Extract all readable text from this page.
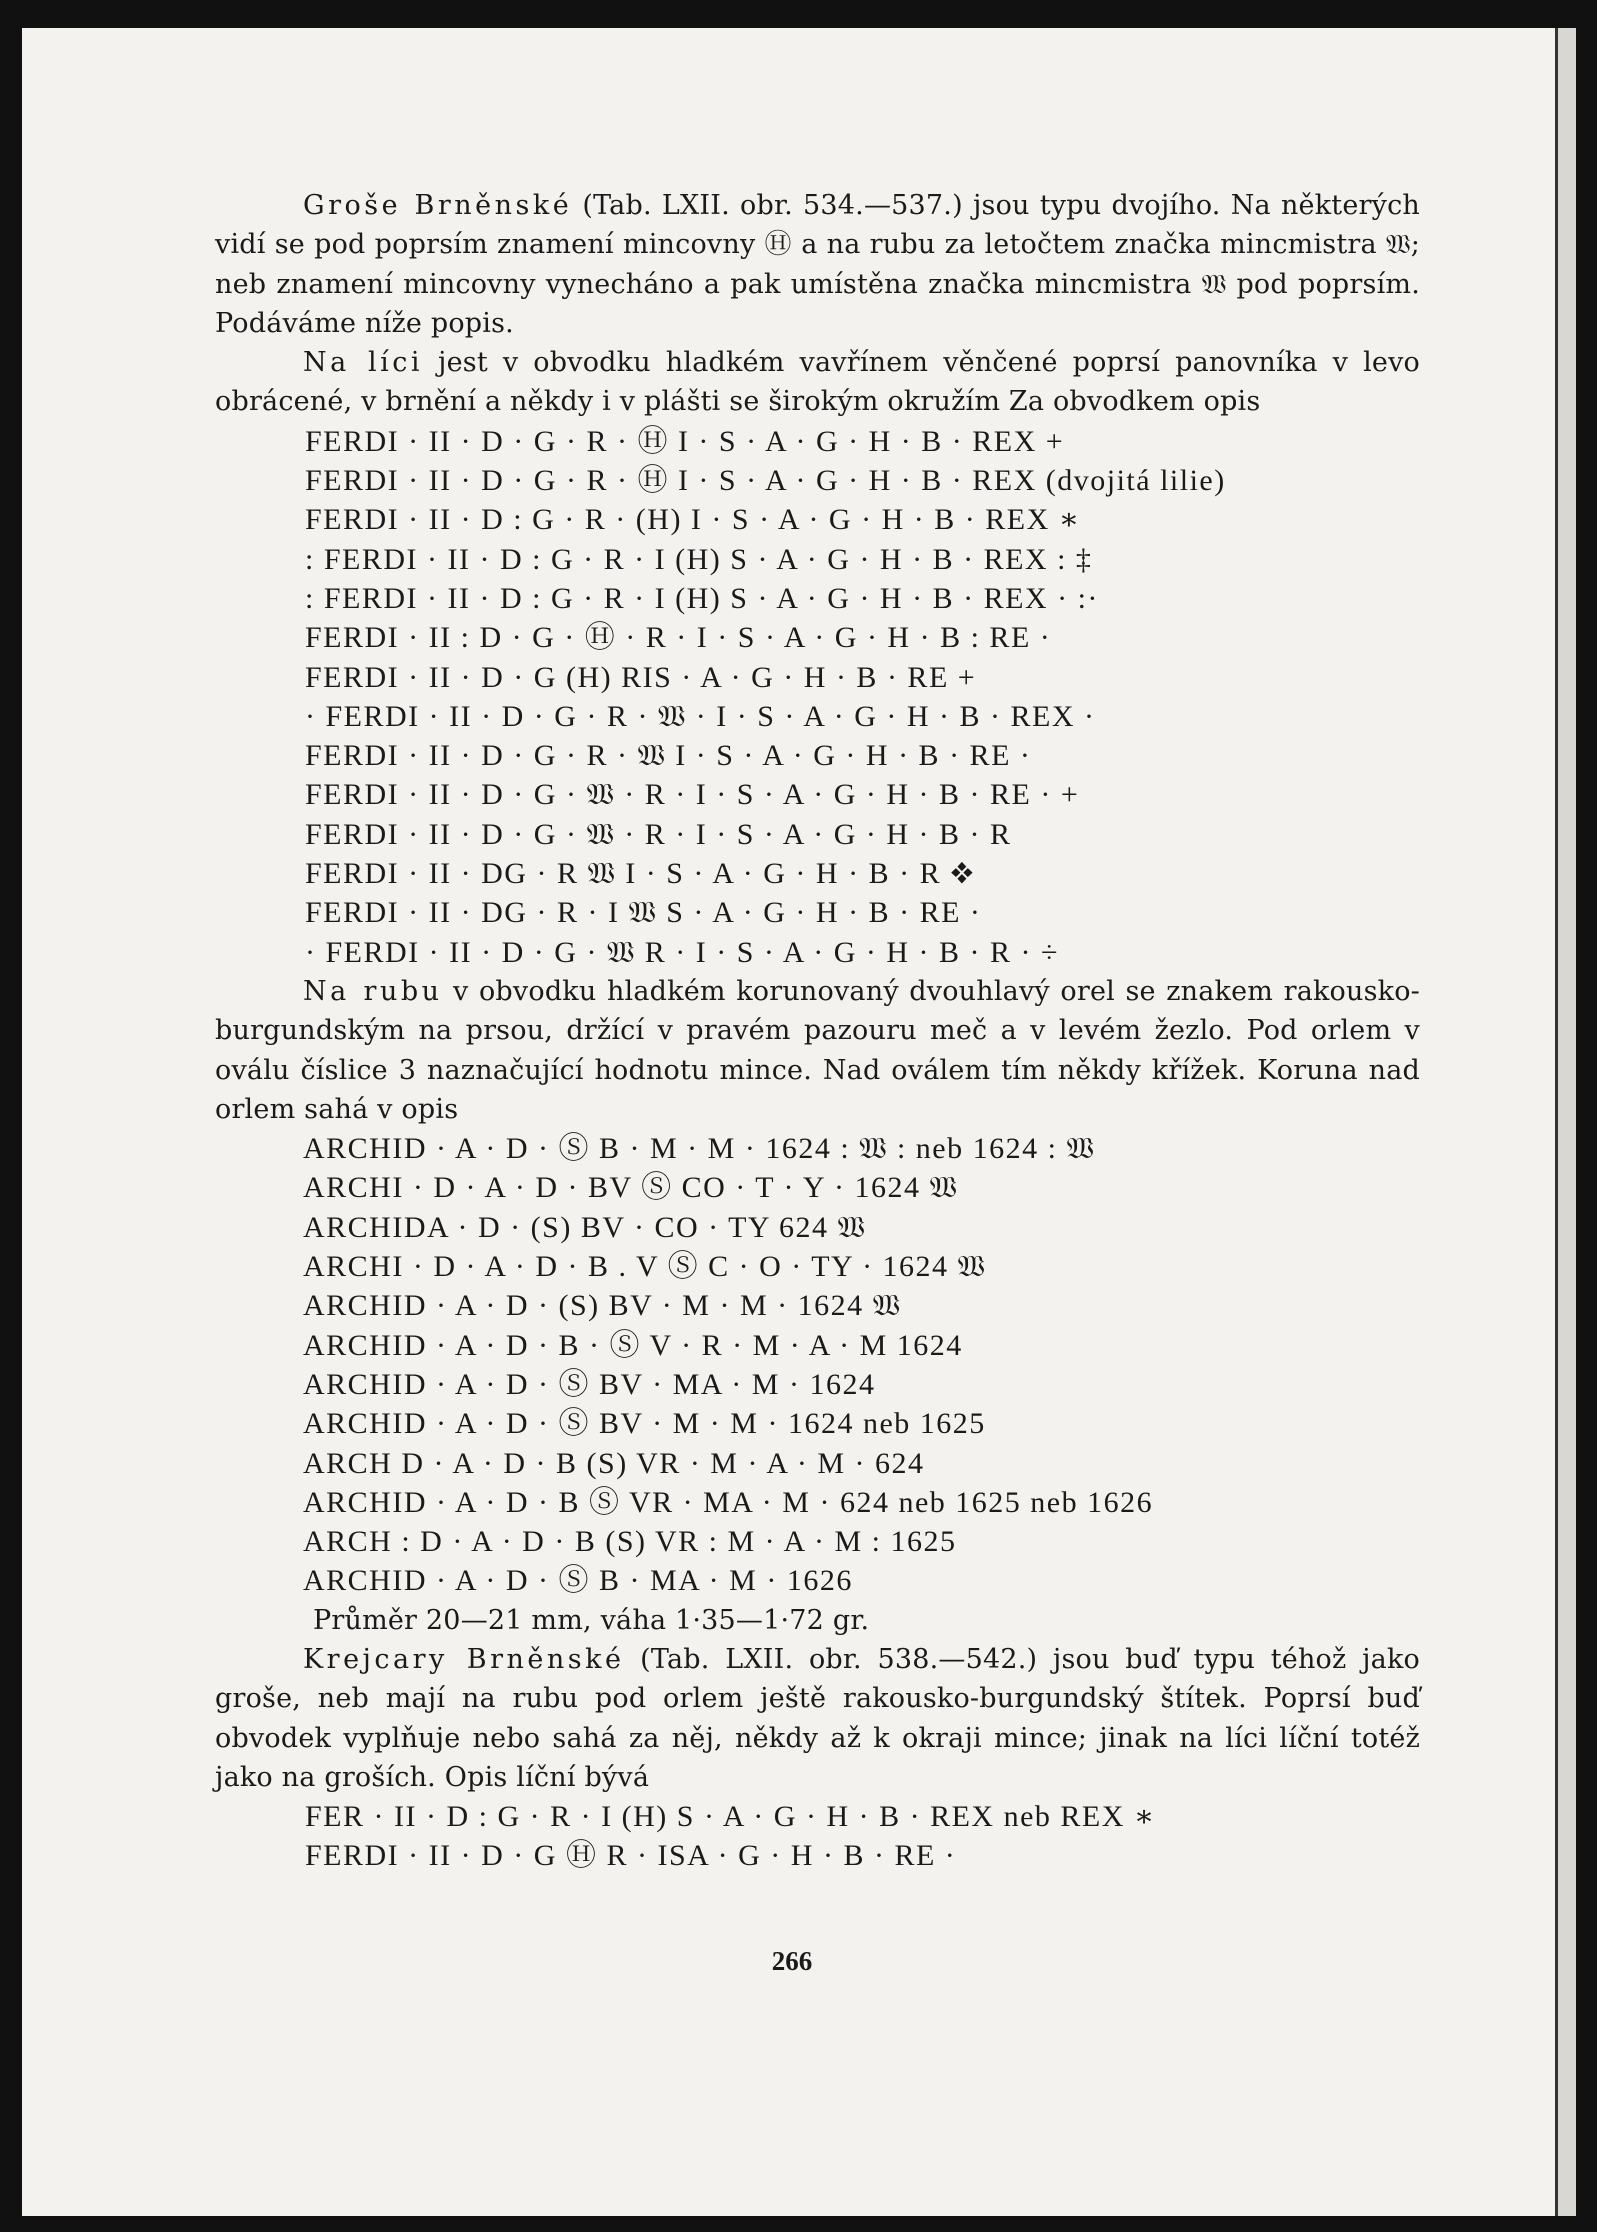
Groše Brněnské (Tab. LXII. obr. 534.—537.) jsou typu dvojího. Na některých vidí se pod poprsím znamení mincovny Ⓗ a na rubu za letočtem značka mincmistra 𝔚; neb znamení mincovny vynecháno a pak umístěna značka mincmistra 𝔚 pod poprsím. Podáváme níže popis.

Na líci jest v obvodku hladkém vavřínem věnčené poprsí panovníka v levo obrácené, v brnění a někdy i v plášti se širokým okružím Za obvodkem opis

FERDI · II · D · G · R · Ⓗ I · S · A · G · H · B · REX +

FERDI · II · D · G · R · Ⓗ I · S · A · G · H · B · REX (dvojitá lilie)

FERDI · II · D : G · R · (H) I · S · A · G · H · B · REX ∗

: FERDI · II · D : G · R · I (H) S · A · G · H · B · REX : ‡

: FERDI · II · D : G · R · I (H) S · A · G · H · B · REX · :·

FERDI · II : D · G · Ⓗ · R · I · S · A · G · H · B : RE ·

FERDI · II · D · G (H) RIS · A · G · H · B · RE +

· FERDI · II · D · G · R · 𝔚 · I · S · A · G · H · B · REX ·

FERDI · II · D · G · R · 𝔚 I · S · A · G · H · B · RE ·

FERDI · II · D · G · 𝔚 · R · I · S · A · G · H · B · RE · +

FERDI · II · D · G · 𝔚 · R · I · S · A · G · H · B · R

FERDI · II · DG · R 𝔚 I · S · A · G · H · B · R ❖

FERDI · II · DG · R · I 𝔚 S · A · G · H · B · RE ·

· FERDI · II · D · G · 𝔚 R · I · S · A · G · H · B · R · ÷

Na rubu v obvodku hladkém korunovaný dvouhlavý orel se znakem rakousko-burgundským na prsou, držící v pravém pazouru meč a v levém žezlo. Pod orlem v oválu číslice 3 naznačující hodnotu mince. Nad oválem tím někdy křížek. Koruna nad orlem sahá v opis

ARCHID · A · D · Ⓢ B · M · M · 1624 : 𝔚 : neb 1624 : 𝔚

ARCHI · D · A · D · BV Ⓢ CO · T · Y · 1624 𝔚

ARCHIDA · D · (S) BV · CO · TY 624 𝔚

ARCHI · D · A · D · B . V Ⓢ C · O · TY · 1624 𝔚

ARCHID · A · D · (S) BV · M · M · 1624 𝔚

ARCHID · A · D · B · Ⓢ V · R · M · A · M 1624

ARCHID · A · D · Ⓢ BV · MA · M · 1624

ARCHID · A · D · Ⓢ BV · M · M · 1624 neb 1625

ARCH D · A · D · B (S) VR · M · A · M · 624

ARCHID · A · D · B Ⓢ VR · MA · M · 624 neb 1625 neb 1626

ARCH : D · A · D · B (S) VR : M · A · M : 1625

ARCHID · A · D · Ⓢ B · MA · M · 1626

Průměr 20—21 mm, váha 1·35—1·72 gr.

Krejcary Brněnské (Tab. LXII. obr. 538.—542.) jsou buď typu téhož jako groše, neb mají na rubu pod orlem ještě rakousko-burgundský štítek. Poprsí buď obvodek vyplňuje nebo sahá za něj, někdy až k okraji mince; jinak na líci líční totéž jako na groších. Opis líční bývá

FER · II · D : G · R · I (H) S · A · G · H · B · REX neb REX ∗

FERDI · II · D · G Ⓗ R · ISA · G · H · B · RE ·

266
